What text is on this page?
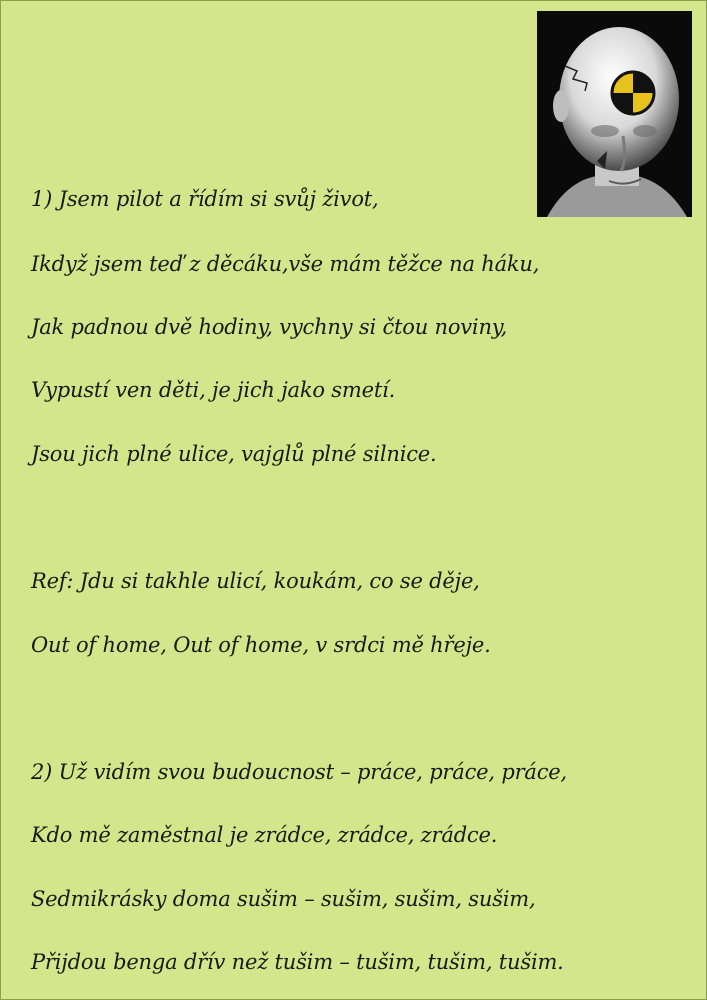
1) Jsem pilot a řídím si svůj život,
Ikdyž jsem teď z děcáku,vše mám těžce na háku,
Jak padnou dvě hodiny, vychny si čtou noviny,
Vypustí ven děti, je jich jako smetí.
Jsou jich plné ulice, vajglů plné silnice.
Ref: Jdu si takhle ulicí, koukám, co se děje,
Out of home, Out of home, v srdci mě hřeje.
2) Už vidím svou budoucnost – práce, práce, práce,
Kdo mě zaměstnal je zrádce, zrádce, zrádce.
Sedmikrásky doma sušim – sušim, sušim, sušim,
Přijdou benga dřív než tušim – tušim, tušim, tušim.
